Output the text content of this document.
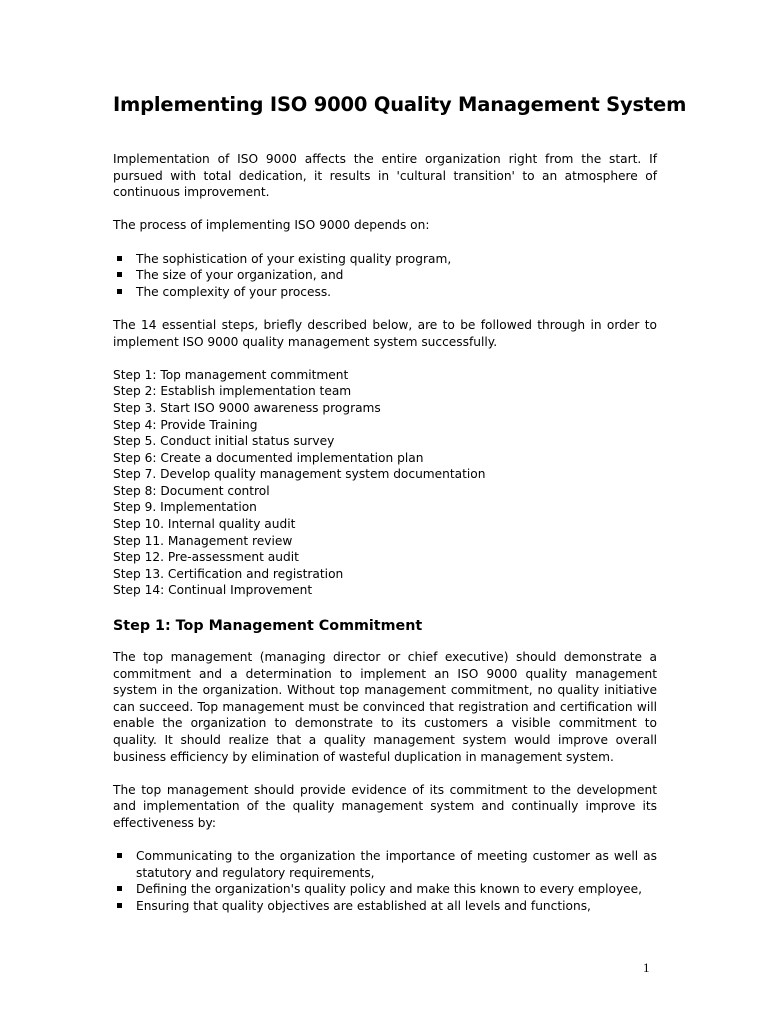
Implementing ISO 9000 Quality Management System

Implementation of ISO 9000 affects the entire organization right from the start. If pursued with total dedication, it results in 'cultural transition' to an atmosphere of continuous improvement.

The process of implementing ISO 9000 depends on:

The sophistication of your existing quality program,
The size of your organization, and
The complexity of your process.

The 14 essential steps, briefly described below, are to be followed through in order to implement ISO 9000 quality management system successfully.

Step 1: Top management commitment
Step 2: Establish implementation team
Step 3. Start ISO 9000 awareness programs
Step 4: Provide Training
Step 5. Conduct initial status survey
Step 6: Create a documented implementation plan
Step 7. Develop quality management system documentation
Step 8: Document control
Step 9. Implementation
Step 10. Internal quality audit
Step 11. Management review
Step 12. Pre-assessment audit
Step 13. Certification and registration
Step 14: Continual Improvement
Step 1: Top Management Commitment

The top management (managing director or chief executive) should demonstrate a commitment and a determination to implement an ISO 9000 quality management system in the organization. Without top management commitment, no quality initiative can succeed. Top management must be convinced that registration and certification will enable the organization to demonstrate to its customers a visible commitment to quality. It should realize that a quality management system would improve overall business efficiency by elimination of wasteful duplication in management system.

The top management should provide evidence of its commitment to the development and implementation of the quality management system and continually improve its effectiveness by:

Communicating to the organization the importance of meeting customer as well as statutory and regulatory requirements,
Defining the organization's quality policy and make this known to every employee,
Ensuring that quality objectives are established at all levels and functions,
1
